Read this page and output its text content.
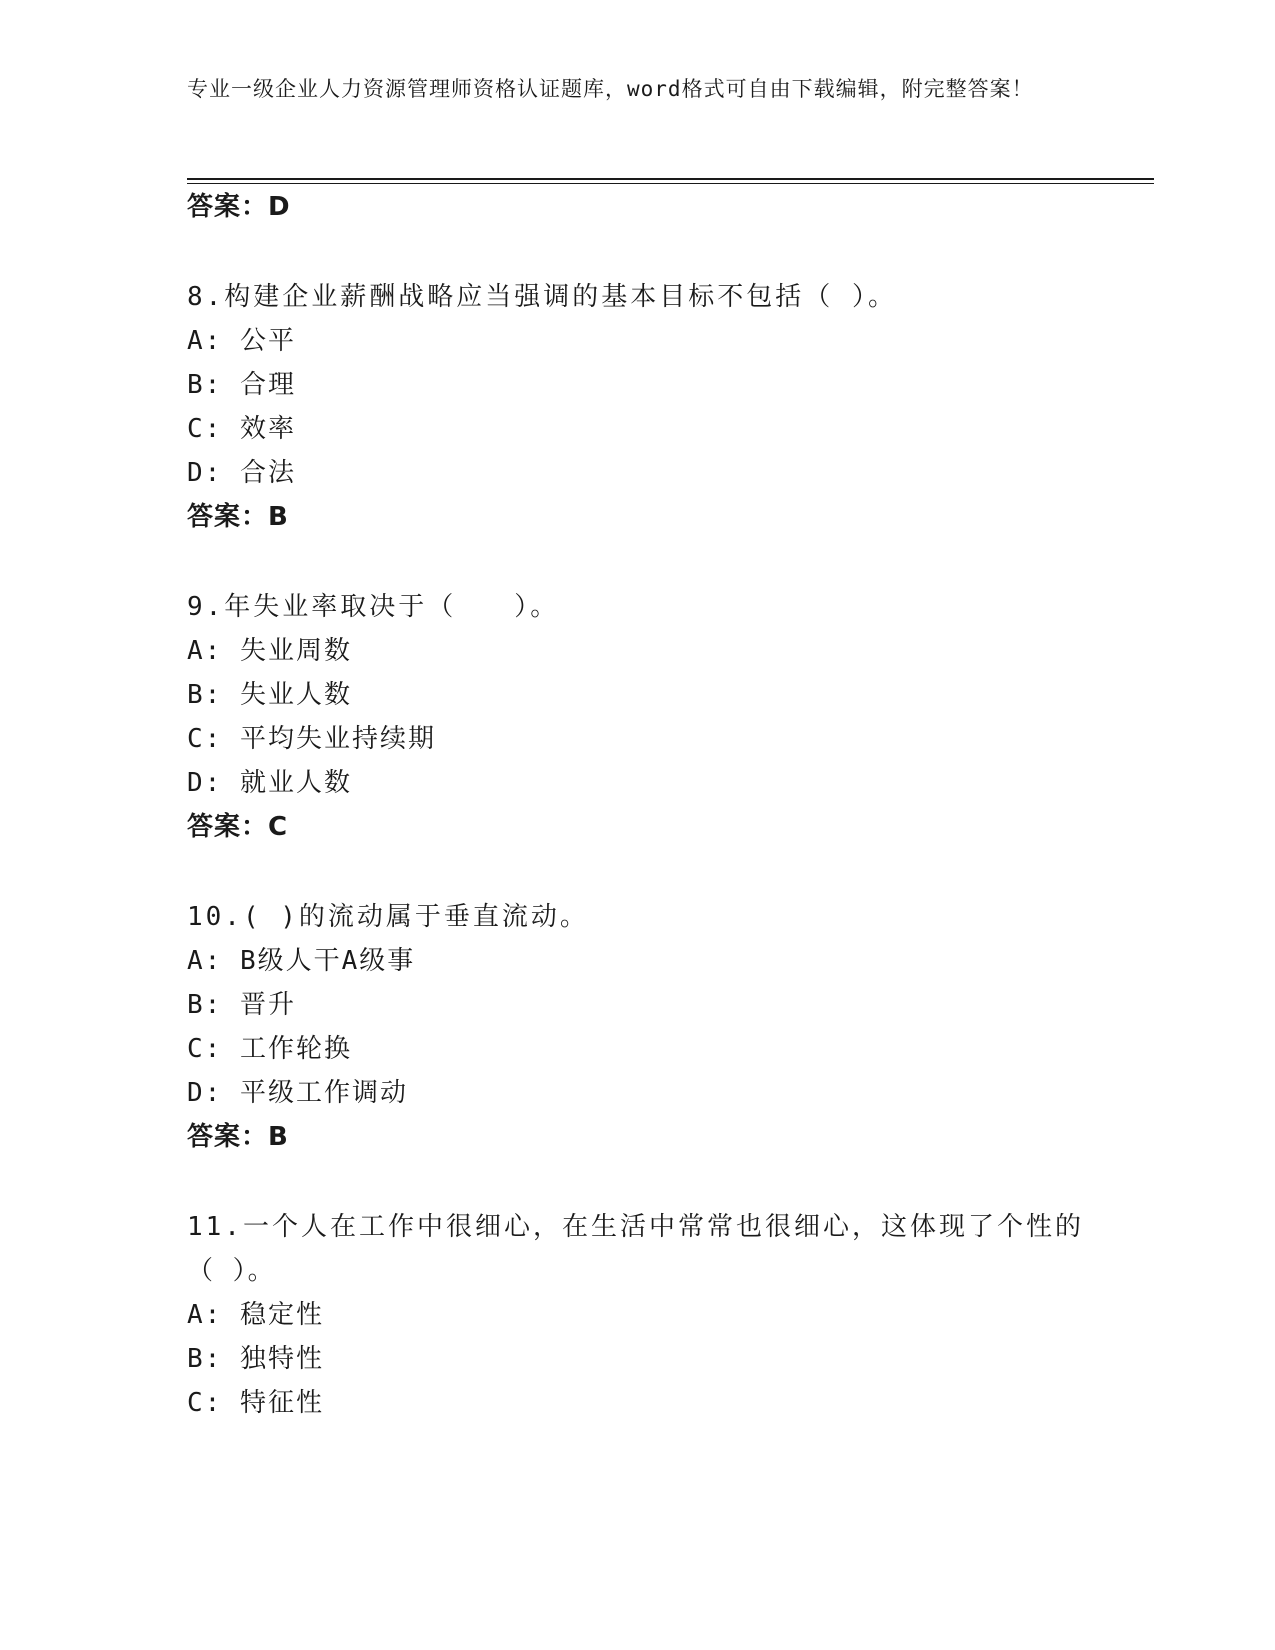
专业一级企业人力资源管理师资格认证题库，word格式可自由下载编辑，附完整答案！
答案：D
8.构建企业薪酬战略应当强调的基本目标不包括（ ）。
A: 公平
B: 合理
C: 效率
D: 合法
答案：B
9.年失业率取决于（　　）。
A: 失业周数
B: 失业人数
C: 平均失业持续期
D: 就业人数
答案：C
10.( )的流动属于垂直流动。
A: B级人干A级事
B: 晋升
C: 工作轮换
D: 平级工作调动
答案：B
11.一个人在工作中很细心，在生活中常常也很细心，这体现了个性的
（ ）。
A: 稳定性
B: 独特性
C: 特征性
